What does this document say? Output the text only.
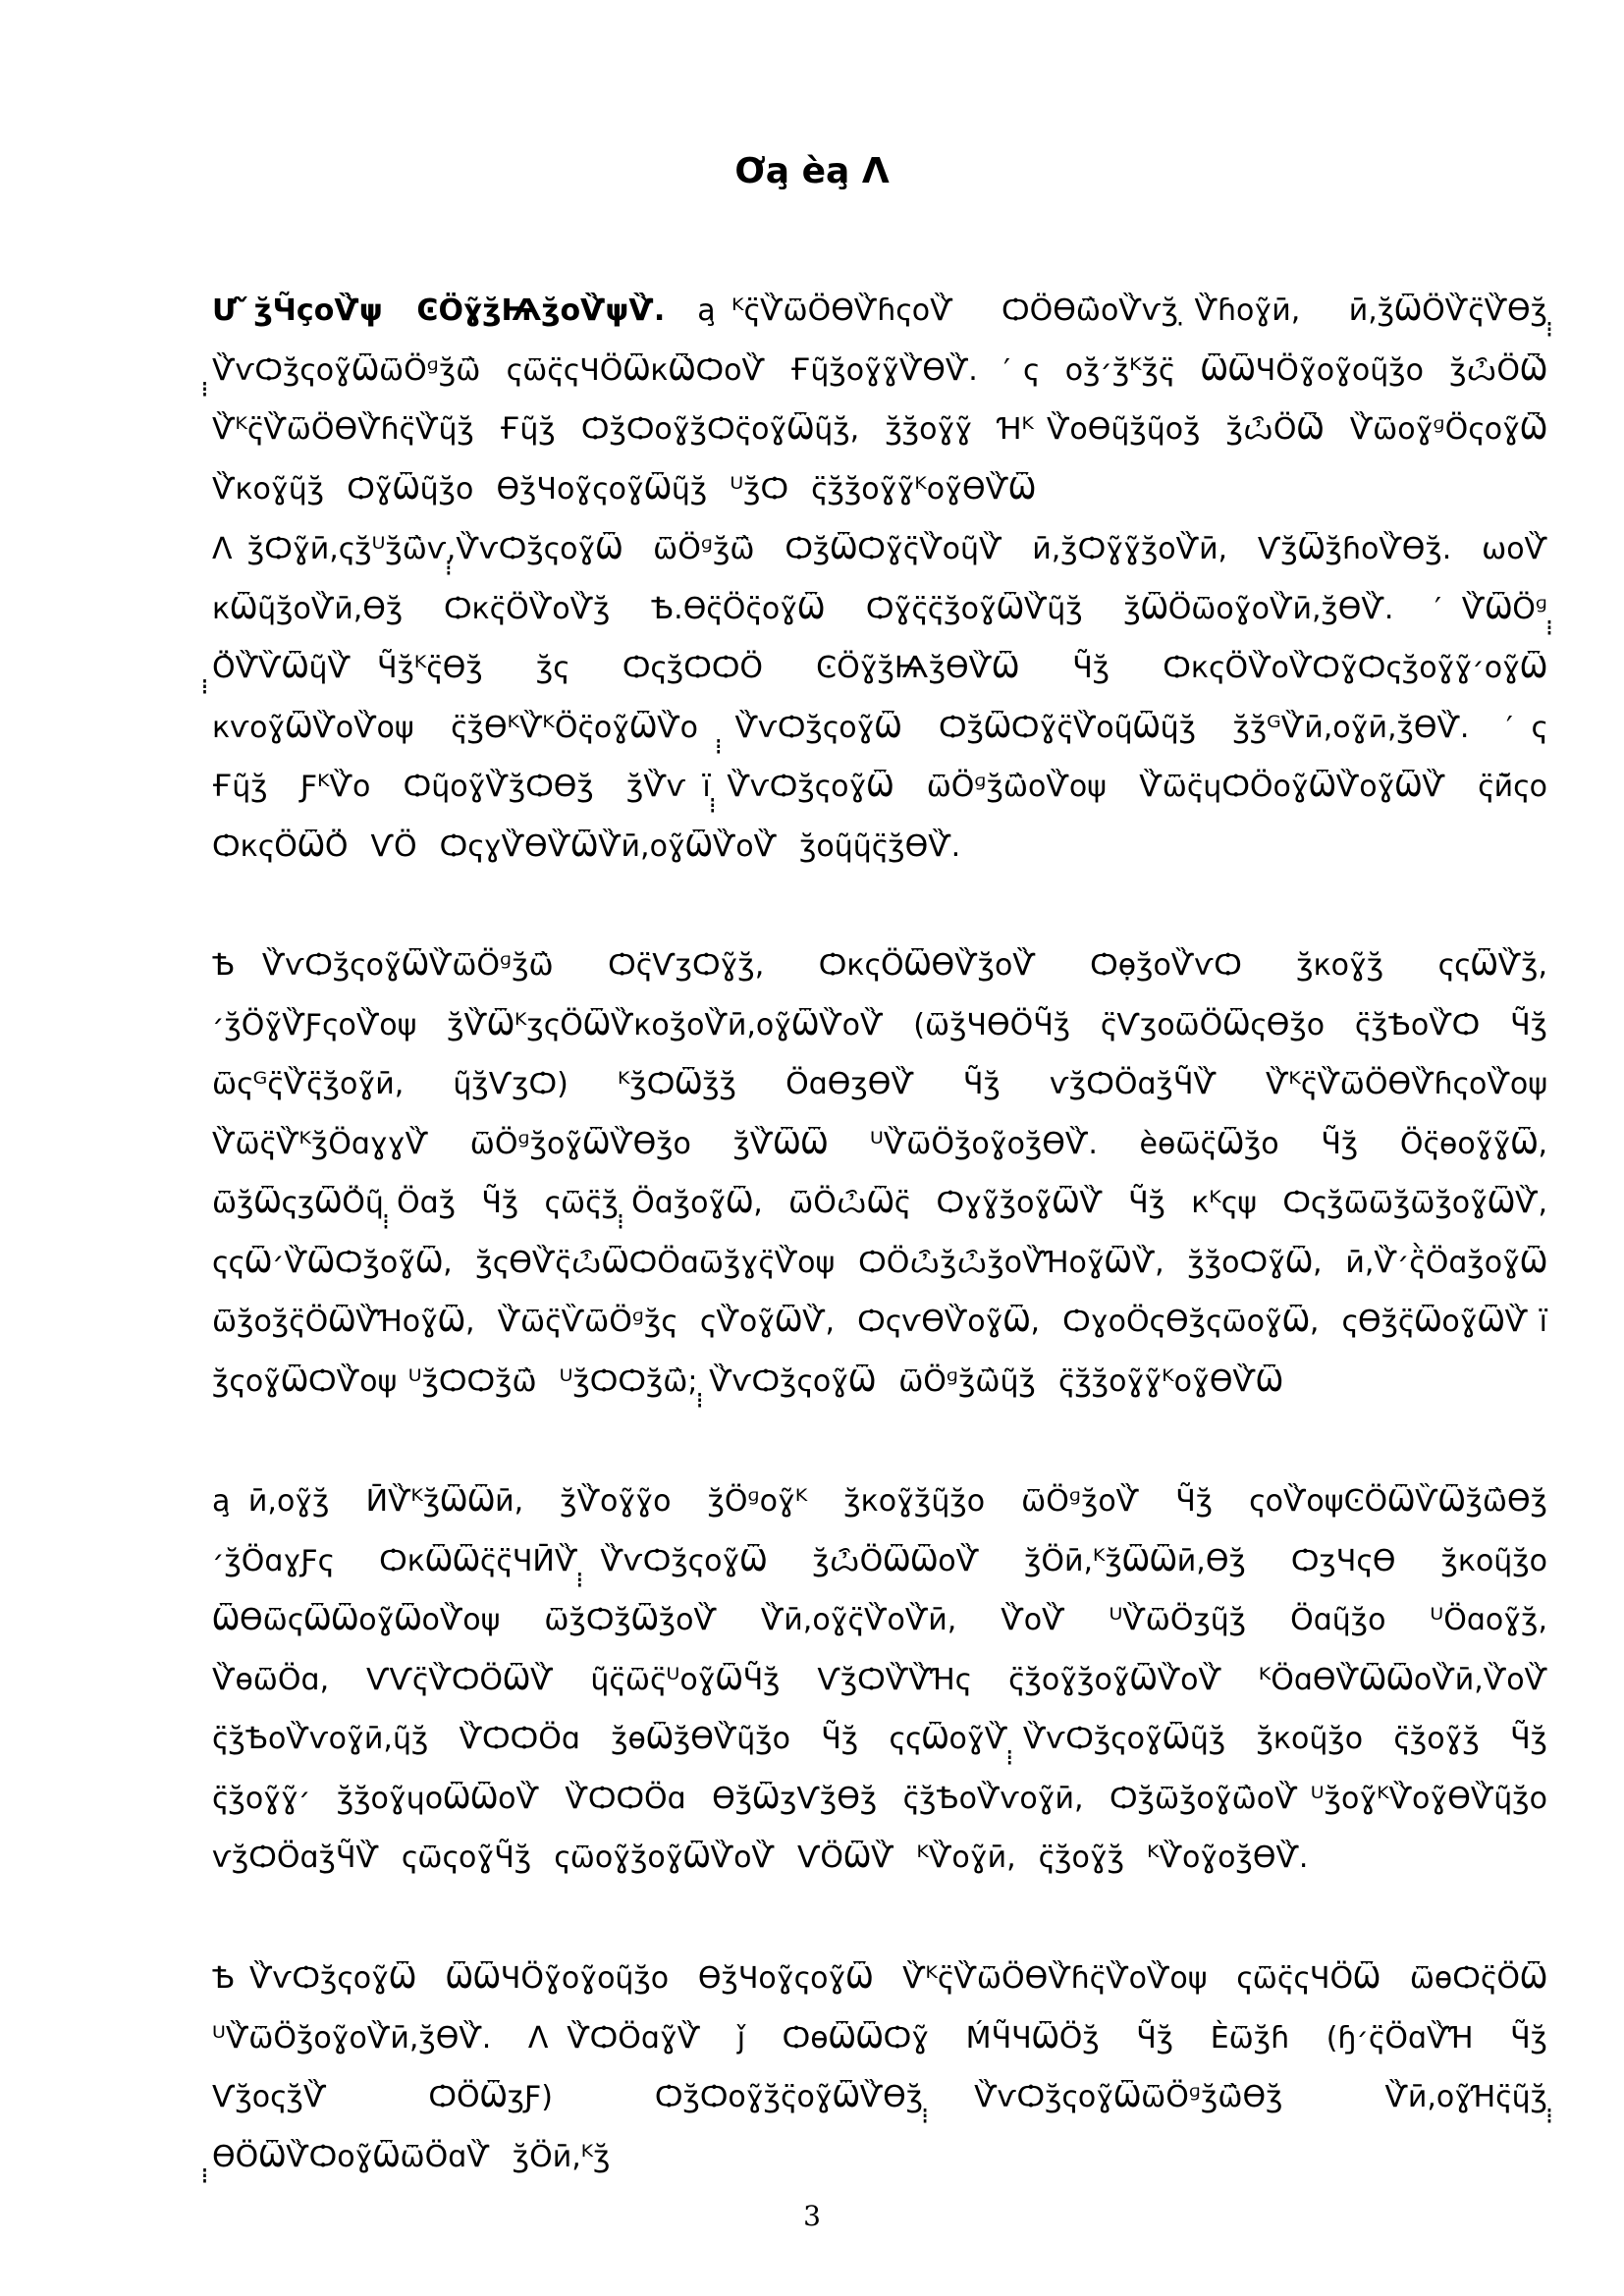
Ơa̧ èa̧ Ʌ
Ư ᷉ʒ̆Ч̃ҫoѶ̀ψ  ϾӦɣ̃ʒ̆Ѩʒ̆oѶ̀ψѶ̀.  a̧ ᴷҁ̈Ѷ̀ѿӦϴѶ̀ɦҁoѶ̀   ѺӦϴѿ̀oѶ̀ѵʒ̆ ̣Ѷ̀ɦoɣ̃ӣ,   ӣ,ʒ̆ѾӦѶ̀ҁ̈Ѷ̀ϴʒ̆ ̣̣̣Ѷ̀ѵѺʒ̆ҁoɣ̃ѾѿӦᶢʒ̆ѿ̀  ҁѿҁ̈ҁЧӦѾкѾ̀ѺoѶ̀  Ғɥ̃ʒ̆oɣ̃ɣ̃Ѷ̀ϴѶ̀.  ′ ҁ  oʒ̆׳ʒ̆ᴷʒ̆ҁ̈  ѾѾЧӦɣ̃oɣ̃oɥ̃ʒ̆o  ʒ̆ѽӦѾ̀  Ѷ̀ᴷҁ̈Ѷ̀ѿӦϴѶ̀ɦҁ̈Ѷ̀ɥ̃ʒ̆  Ғɥ̃ʒ̆  Ѻʒ̆Ѻoɣ̃ʒ̆Ѻҁ̈oɣ̃Ѿɥ̃ʒ̆,  ʒ̆ʒ̆oɣ̃ɣ̃  Ɦᴷ Ѷ̀oϴɥ̃ʒ̆ɥ̃oʒ̆  ʒ̆ѽӦѾ̀  Ѷ̀ѿoɣ̃ᶢӦҁoɣ̃Ѿ̀  Ѷ̀кoɣ̃ɥ̃ʒ̆  Ѻɣ̃Ѿɥ̃ʒ̆o  ϴʒ̆Чoɣ̃ҁoɣ̃Ѿɥ̃ʒ̆  ᵁʒ̆Ѻ  ҁ̈ʒ̆ʒ̆oɣ̃ɣ̃ᴷoɣ̃ϴѶ̀Ѿ
Ʌ ʒ̆Ѻɣ̃ӣ,ҁʒ̆ᵁʒ̆ѿ̀ѵ,̣̣̣Ѷ̀ѵѺʒ̆ҁoɣ̃Ѿ  ѿӦᶢʒ̆ѿ̀  Ѻʒ̆ѾѺɣ̃ҁ̈Ѷ̀oɥ̃Ѷ̀  ӣ,ʒ̆Ѻɣ̃ɣ̃ʒ̆oѶ̀ӣ,  Ѵʒ̆Ѿʒ̆ɦoѶ̀ϴʒ̆.  ѡoѶ̀  кѾɥ̃ʒ̆oѶ̀ӣ,ϴʒ̆  Ѻкҁ̈ӦѶ̀oѶ̀ʒ̆  Ѣ.ϴҁ̈Ӧҁ̈oɣ̃Ѿ  Ѻɣ̃ҁ̈ҁ̈ʒ̆oɣ̃ѾѶ̀ɥ̃ʒ̆  ʒ̆ѾӦѿoɣ̃oѶ̀ӣ,ʒ̆ϴѶ̀.  ′ Ѷ̀ѾӦᶢ ̣̣̣Ӧ̀Ѷ̀ѶѾɥ̃Ѷ̀ Ч̃ʒ̆ᴷҁ̈ϴʒ̆  ʒ̆ҁ  Ѻҁʒ̆ѺѺӦ  ϾӦɣ̃ʒ̆Ѩʒ̆ϴѶ̀Ѿ  Ч̃ʒ̆  ѺкҁӦѶ̀oѶ̀Ѻɣ̃Ѻҁʒ̆oɣ̃ɣ̃׳oɣ̃Ѿ  кѵoɣ̃ѾѶ̀oѶ̀oψ  ҁ̈ʒ̆ϴᴷѶ̀ᴷӦҁ̈oɣ̃ѾѶ̀o  ̣̣̣Ѷ̀ѵѺʒ̆ҁoɣ̃Ѿ  Ѻʒ̆ѾѺɣ̃ҁ̈Ѷ̀oɥ̃Ѿɥ̃ʒ̆  ʒ̆ʒ̆ᴳѶ̀ӣ,oɣ̃ӣ,ʒ̆ϴѶ̀.  ′ ҁ  Ғɥ̃ʒ̆  ƑᴷѶ̀o  Ѻɥ̃oɣ̃Ѷ̀ʒ̆Ѻϴʒ̆  ʒ̆Ѷ̀ѵ ï ̣̣̣Ѷ̀ѵѺʒ̆ҁoɣ̃Ѿ  ѿӦᶢʒ̆ѿ̀oѶ̀oψ  Ѷ̀ѿҁ̈ɥѺӦoɣ̃ѾѶ̀oɣ̃ѾѶ̀  ҁ̈ӣ̆ҁo  ѺкҁӦѾӦ̀  ѴӦ  ѺҁɣѶ̀ϴѶ̀ѾѶ̀ӣ,oɣ̃ѾѶ̀oѶ̀  ʒ̆oɥ̃ɥ̃ҁ̈ʒ̆ϴѶ̀.
Ѣ Ѷ̀ѵѺʒ̆ҁoɣ̃ѾѶ̀ѿӦᶢʒ̆ѿ̀  Ѻҁ̈ѴʒѺɣ̃ʒ̆,  ѺкҁӦѾϴѶ̀ʒ̆oѶ̀  Ѻɵ̣̣̣ʒ̆oѶ̀ѵѺ  ʒ̆кoɣ̃ʒ̆  ҁҁѾѶ̀ʒ̆,  ׳ʒ̆Ӧɣ̃Ѷ̀ƑҁoѶ̀oψ  ʒ̆Ѷ̀ѾᴷʒҁӦѾѶ̀кoʒ̆oѶ̀ӣ,oɣ̃ѾѶ̀oѶ̀  (ѿʒ̆ЧϴӦЧ̃ʒ̆  ҁ̈ѴʒoѿӦѾҁϴʒ̆o  ҁ̈ʒ̆ѢoѶ̀Ѻ  Ч̃ʒ̆  ѿҁᴳҁ̈Ѷ̀ҁ̈ʒ̆oɣ̃ӣ,  ɥ̃ʒ̆ѴʒѺ)  ᴷʒ̆ѺѾʒ̆ʒ̆  ӦɑϴʒϴѶ̀  Ч̃ʒ̆  ѵʒ̆ѺӦɑʒ̆Ч̃Ѷ̀  Ѷ̀ᴷҁ̈Ѷ̀ѿӦϴѶ̀ɦҁoѶ̀oψ  Ѷ̀ѿҁ̈Ѷ̀ᴷʒ̆ӦɑɣɣѶ̀  ѿӦᶢʒ̆oɣ̃ѾѶ̀ϴʒ̆o  ʒ̆Ѷ̀ѾѾ  ᵁѶ̀ѿӦʒ̆oɣ̃oʒ̆ϴѶ̀.  èɵѿҁ̈Ѿʒ̆o  Ч̃ʒ̆  Ӧҁ̈ɵoɣ̃ɣ̃Ѿ,  ѿʒ̆ѾҁʒѾӦ̀ɥ̃ ̣̣̣Ӧɑʒ̆  Ч̃ʒ̆  ҁѿҁ̈ʒ̆ ̣̣̣Ӧɑʒ̆oɣ̃Ѿ,  ѿӦѽѾҁ̈  Ѻɣɣ̃ʒ̆oɣ̃ѾѶ̀  Ч̃ʒ̆  кᴷҁψ  Ѻҁʒ̆ѿѿʒ̆ѿʒ̆oɣ̃ѾѶ̀,  ҁҁѾ׳Ѷ̀ѾѺʒ̆oɣ̃Ѿ,  ʒ̆ҁϴѶ̀ҁ̈ѽѾѺӦɑѿʒ̆ɣҁ̈Ѷ̀oψ  ѺӦѽʒ̆ѽʒ̆oѶ̀Ɦoɣ̃ѾѶ̀,  ʒ̆ʒ̆oѺɣ̃Ѿ,  ӣ,Ѷ̀׳ҁ̈̀Ӧɑʒ̆oɣ̃Ѿ  ѿʒ̆oʒ̆ҁ̈ӦѾѶ̀Ɦoɣ̃Ѿ,  Ѷ̀ѿҁ̈ѶѿӦᶢʒ̆ҁ  ҁѶ̀oɣ̃ѾѶ̀,  ѺҁѵϴѶ̀oɣ̃Ѿ,  ѺɣoӦҁϴʒ̆ҁѿoɣ̃Ѿ,  ҁϴʒ̆ҁ̈Ѿoɣ̃ѾѶ̀ ï   ʒ̆ҁoɣ̃ѾѺѶ̀oψ ᵁʒ̆ѺѺʒ̆ѿ̀  ᵁʒ̆ѺѺʒ̆ѿ̀; ̣̣̣Ѷ̀ѵѺʒ̆ҁoɣ̃Ѿ  ѿӦᶢʒ̆ѿ̀ɥ̃ʒ̆  ҁ̈ʒ̆ʒ̆oɣ̃ɣ̃ᴷoɣ̃ϴѶ̀Ѿ
a̧ ӣ,oɣ̃ʒ̆  ӢѶ̀ᴷʒ̆ѾѾӣ,  ʒ̆Ѷ̀oɣ̃ɣ̃o  ʒ̆Ӧᶢoɣ̃ᴷ  ʒ̆кoɣ̃ʒ̆ɥ̃ʒ̆o  ѿӦᶢʒ̆oѶ̀  Ч̃ʒ̆  ҁoѶ̀oψϾӦѾѶѾʒ̆ѿ̀ϴʒ̆  ׳ʒ̆ӦɑɣƑҁ  ѺкѾѾҁ̈ҁ̈ЧӢѶ̀ ̣̣̣Ѷ̀ѵѺʒ̆ҁoɣ̃Ѿ  ʒ̆ѽӦѾѾoѶ̀  ʒ̆Ӧӣ,ᴷʒ̆ѾѾӣ,ϴʒ̆  ѺʒЧҁϴ  ʒ̆кoɥ̃ʒ̆o  ѾϴѿҁѾѾoɣ̃ѾoѶ̀oψ  ѿʒ̆Ѻʒ̆Ѿʒ̆oѶ̀  Ѷ̀ӣ,oɣ̃ҁ̈Ѷ̀oѶ̀ӣ,  Ѷ̀oѶ̀  ᵁѶ̀ѿӦʒɥ̃ʒ̆  Ӧɑɥ̃ʒ̆o  ᵁӦɑoɣ̃ʒ̆,  Ѷ̀ɵѿӦɑ,  ѴѴҁ̈Ѷ̀ѺӦѾѶ̀  ɥ̃ҁ̈ѿҁ̈ᵁoɣ̃ѾЧ̃ʒ̆  Ѵʒ̆ѺѶ̀Ѷ̀Ɦҁ  ҁ̈ʒ̆oɣ̃ʒ̆oɣ̃ѾѶ̀oѶ̀  ᴷӦɑϴѶ̀ѾѾoѶ̀ӣ,Ѷ̀oѶ̀  ҁ̈ʒ̆ѢoѶ̀ѵoɣ̃ӣ,ɥ̃ʒ̆  Ѷ̀ѺѺӦɑ  ʒ̆ɵѾʒ̆ϴѶ̀ɥ̃ʒ̆o  Ч̃ʒ̆  ҁҁѾoɣ̃Ѷ̀ ̣̣̣Ѷ̀ѵѺʒ̆ҁoɣ̃Ѿɥ̃ʒ̆  ʒ̆кoɥ̃ʒ̆o  ҁ̈ʒ̆oɣ̃ʒ̆  Ч̃ʒ̆  ҁ̈ʒ̆oɣ̃ɣ̃׳  ʒ̆ʒ̆oɣ̃ɥoѾѾoѶ̀  Ѷ̀ѺѺӦɑ  ϴʒ̆ѾʒѴʒ̆ϴʒ̆  ҁ̈ʒ̆ѢoѶ̀ѵoɣ̃ӣ,  Ѻʒ̆ѿʒ̆oɣ̃ѿ̀oѶ̀ ᵁʒ̆oɣ̃ᴷѶ̀oɣ̃ϴѶ̀ɥ̃ʒ̆o  ѵʒ̆ѺӦɑʒ̆Ч̃Ѷ̀  ҁѿҁoɣ̃Ч̃ʒ̆  ҁѿoɣ̃ʒ̆oɣ̃ѾѶ̀oѶ̀  ѴӦѾѶ̀  ᴷѶ̀oɣ̃ӣ,  ҁ̈ʒ̆oɣ̃ʒ̆  ᴷѶ̀oɣ̃oʒ̆ϴѶ̀.
Ѣ Ѷ̀ѵѺʒ̆ҁoɣ̃Ѿ  ѾѾЧӦɣ̃oɣ̃oɥ̃ʒ̆o  ϴʒ̆Чoɣ̃ҁoɣ̃Ѿ  Ѷ̀ᴷҁ̈Ѷ̀ѿӦϴѶ̀ɦҁ̈Ѷ̀oѶ̀oψ  ҁѿҁ̈ҁЧӦѾ  ѿɵѺҁ̈ӦѾ  ᵁѶ̀ѿӦʒ̆oɣ̃oѶ̀ӣ,ʒ̆ϴѶ̀.  Ʌ Ѷ̀ѺӦɑɣ̃Ѷ̀  ǰ  ѺɵѾѾѺɣ̃  ḾЧ̃ЧѾӦʒ̆  Ч̃ʒ̆  Èѿʒ̆ɦ  (ɧ׳ҁ̈ӦɑѶ̀Ɦ  Ч̃ʒ̆  Ѵʒ̆oҁʒ̆Ѷ̀  ѺӦѾʒƑ)  Ѻʒ̆Ѻoɣ̃ʒ̆ҁ̈oɣ̃ѾѶ̀ϴʒ̆ ̣̣̣Ѷ̀ѵѺʒ̆ҁoɣ̃ѾѿӦᶢʒ̆ѿ̀ϴʒ̆  Ѷ̀ӣ,oɣ̃Ɦҁ̈ɥ̃ʒ̆ ̣̣̣ϴӦѾѶ̀Ѻoɣ̃ѾѿӦɑѶ̀  ʒ̆Ӧӣ,ᴷʒ̆
3
